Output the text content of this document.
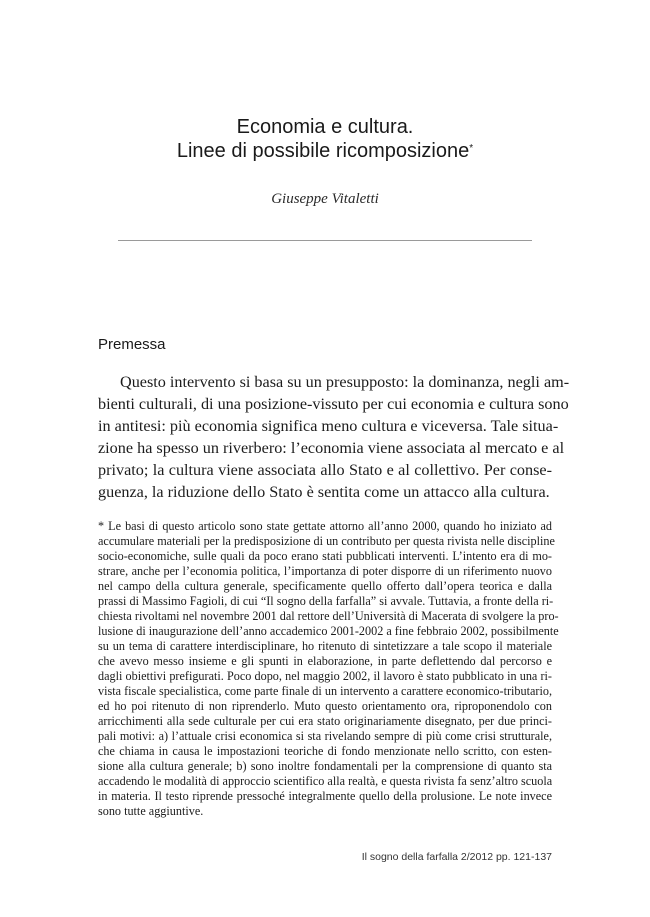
Economia e cultura.
Linee di possibile ricomposizione*
Giuseppe Vitaletti
Premessa
Questo intervento si basa su un presupposto: la dominanza, negli am-
bienti culturali, di una posizione-vissuto per cui economia e cultura sono
in antitesi: più economia significa meno cultura e viceversa. Tale situa-
zione ha spesso un riverbero: l’economia viene associata al mercato e al
privato; la cultura viene associata allo Stato e al collettivo. Per conse-
guenza, la riduzione dello Stato è sentita come un attacco alla cultura.
* Le basi di questo articolo sono state gettate attorno all’anno 2000, quando ho iniziato ad
accumulare materiali per la predisposizione di un contributo per questa rivista nelle discipline
socio-economiche, sulle quali da poco erano stati pubblicati interventi. L’intento era di mo-
strare, anche per l’economia politica, l’importanza di poter disporre di un riferimento nuovo
nel campo della cultura generale, specificamente quello offerto dall’opera teorica e dalla
prassi di Massimo Fagioli, di cui “Il sogno della farfalla” si avvale. Tuttavia, a fronte della ri-
chiesta rivoltami nel novembre 2001 dal rettore dell’Università di Macerata di svolgere la pro-
lusione di inaugurazione dell’anno accademico 2001-2002 a fine febbraio 2002, possibilmente
su un tema di carattere interdisciplinare, ho ritenuto di sintetizzare a tale scopo il materiale
che avevo messo insieme e gli spunti in elaborazione, in parte deflettendo dal percorso e
dagli obiettivi prefigurati. Poco dopo, nel maggio 2002, il lavoro è stato pubblicato in una ri-
vista fiscale specialistica, come parte finale di un intervento a carattere economico-tributario,
ed ho poi ritenuto di non riprenderlo. Muto questo orientamento ora, riproponendolo con
arricchimenti alla sede culturale per cui era stato originariamente disegnato, per due princi-
pali motivi: a) l’attuale crisi economica si sta rivelando sempre di più come crisi strutturale,
che chiama in causa le impostazioni teoriche di fondo menzionate nello scritto, con esten-
sione alla cultura generale; b) sono inoltre fondamentali per la comprensione di quanto sta
accadendo le modalità di approccio scientifico alla realtà, e questa rivista fa senz’altro scuola
in materia. Il testo riprende pressoché integralmente quello della prolusione. Le note invece
sono tutte aggiuntive.
Il sogno della farfalla 2/2012 pp. 121-137
